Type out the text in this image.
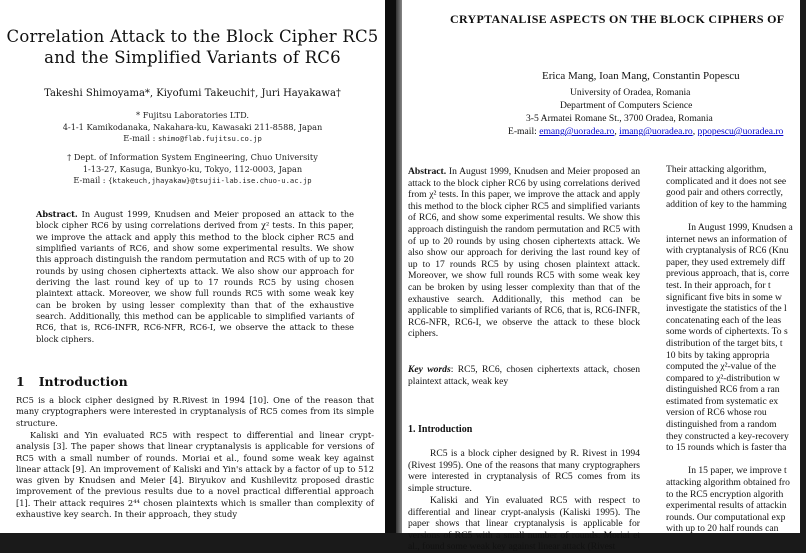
Correlation Attack to the Block Cipher RC5
and the Simplified Variants of RC6
Takeshi Shimoyama*, Kiyofumi Takeuchi†, Juri Hayakawa†
* Fujitsu Laboratories LTD.
4-1-1 Kamikodanaka, Nakahara-ku, Kawasaki 211-8588, Japan
E-mail : shimo@flab.fujitsu.co.jp
† Dept. of Information System Engineering, Chuo University
1-13-27, Kasuga, Bunkyo-ku, Tokyo, 112-0003, Japan
E-mail : {ktakeuch,jhayakaw}@tsujii-lab.ise.chuo-u.ac.jp

Abstract. In August 1999, Knudsen and Meier proposed an attack to the block cipher RC6 by using correlations derived from χ² tests. In this paper, we improve the attack and apply this method to the block cipher RC5 and simplified variants of RC6, and show some experimental results. We show this approach distinguish the random permutation and RC5 with of up to 20 rounds by using chosen ciphertexts attack. We also show our approach for deriving the last round key of up to 17 rounds RC5 by using chosen plaintext attack. Moreover, we show full rounds RC5 with some weak key can be broken by using lesser complexity than that of the exhaustive search. Additionally, this method can be applicable to simplified variants of RC6, that is, RC6-INFR, RC6-NFR, RC6-I, we observe the attack to these block ciphers.

1 Introduction

RC5 is a block cipher designed by R.Rivest in 1994 [10]. One of the reason that many cryptographers were interested in cryptanalysis of RC5 comes from its simple structure.

Kaliski and Yin evaluated RC5 with respect to differential and linear crypt-analysis [3]. The paper shows that linear cryptanalysis is applicable for versions of RC5 with a small number of rounds. Moriai et al., found some weak key against linear attack [9]. An improvement of Kaliski and Yin's attack by a factor of up to 512 was given by Knudsen and Meier [4]. Biryukov and Kushilevitz proposed drastic improvement of the previous results due to a novel practical differential approach [1]. Their attack requires 2⁴⁴ chosen plaintexts which is smaller than complexity of exhaustive key search. In their approach, they study

CRYPTANALISE ASPECTS ON THE BLOCK CIPHERS OF
Erica Mang, Ioan Mang, Constantin Popescu
University of Oradea, Romania
Department of Computers Science
3-5 Armatei Romane St., 3700 Oradea, Romania
E-mail: emang@uoradea.ro, imang@uoradea.ro, ppopescu@uoradea.ro

Abstract. In August 1999, Knudsen and Meier proposed an attack to the block cipher RC6 by using correlations derived from χ² tests. In this paper, we improve the attack and apply this method to the block cipher RC5 and simplified variants of RC6, and show some experimental results. We show this approach distinguish the random permutation and RC5 with of up to 20 rounds by using chosen ciphertexts attack. We also show our approach for deriving the last round key of up to 17 rounds RC5 by using chosen plaintext attack. Moreover, we show full rounds RC5 with some weak key can be broken by using lesser complexity than that of the exhaustive search. Additionally, this method can be applicable to simplified variants of RC6, that is, RC6-INFR, RC6-NFR, RC6-I, we observe the attack to these block ciphers.

Key words: RC5, RC6, chosen ciphertexts attack, chosen plaintext attack, weak key

1. Introduction

RC5 is a block cipher designed by R. Rivest in 1994 (Rivest 1995). One of the reasons that many cryptographers were interested in cryptanalysis of RC5 comes from its simple structure.

Kaliski and Yin evaluated RC5 with respect to differential and linear crypt-analysis (Kaliski 1995). The paper shows that linear cryptanalysis is applicable for versions of RC5 with a small number of rounds. Moriai et al., found some weak key against linear attack (Rivest

Their attacking algorithm,
complicated and it does not see
good pair and others correctly,
addition of key to the hamming

In August 1999, Knudsen a
internet news an information of
with cryptanalysis of RC6 (Knu
paper, they used extremely diff
previous approach, that is, corre
test. In their approach, for t
significant five bits in some w
investigate the statistics of the l
concatenating each of the leas
some words of ciphertexts. To s
distribution of the target bits, t
10 bits by taking appropria
computed the χ²-value of the
compared to χ²-distribution w
distinguished RC6 from a ran
estimated from systematic ex
version of RC6 whose rou
distinguished from a random
they constructed a key-recovery
to 15 rounds which is faster tha

In 15 paper, we improve t
attacking algorithm obtained fro
to the RC5 encryption algorith
experimental results of attackin
rounds. Our computational exp
with up to 20 half rounds can
